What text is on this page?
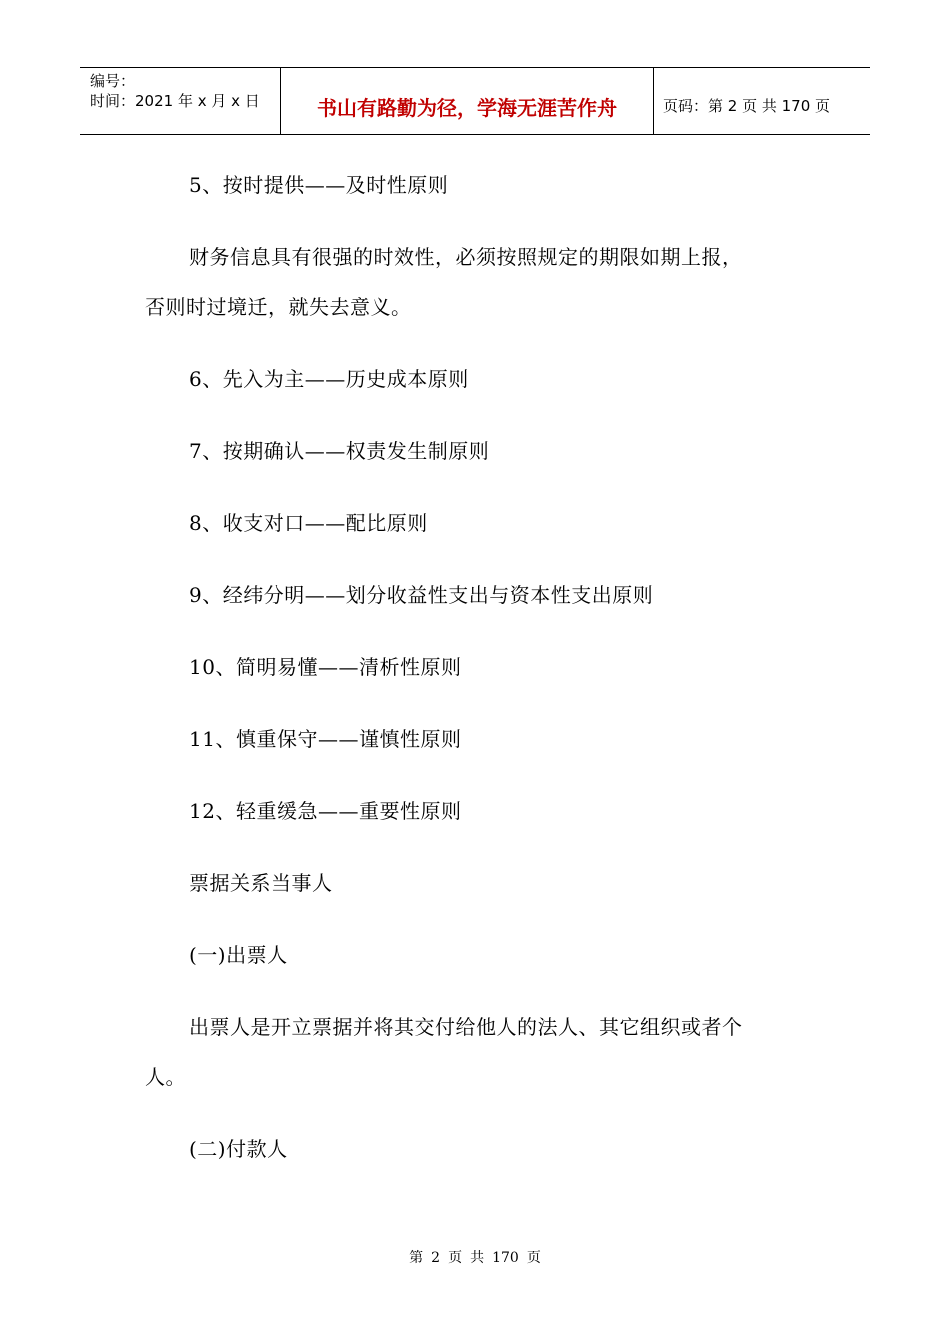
编号：
时间：2021 年 x 月 x 日	书山有路勤为径，学海无涯苦作舟	页码：第 2 页 共 170 页
5、按时提供——及时性原则
财务信息具有很强的时效性，必须按照规定的期限如期上报，
否则时过境迁，就失去意义。
6、先入为主——历史成本原则
7、按期确认——权责发生制原则
8、收支对口——配比原则
9、经纬分明——划分收益性支出与资本性支出原则
10、简明易懂——清析性原则
11、慎重保守——谨慎性原则
12、轻重缓急——重要性原则
票据关系当事人
(一)出票人
出票人是开立票据并将其交付给他人的法人、其它组织或者个
人。
(二)付款人
第 2 页 共 170 页
